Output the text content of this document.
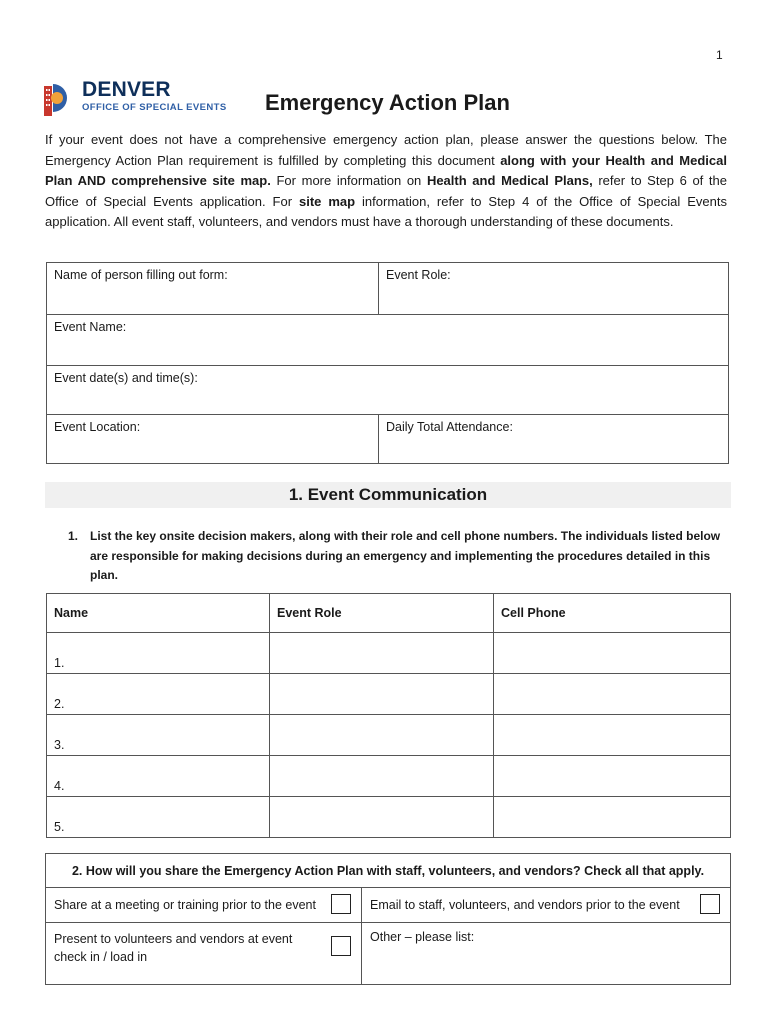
1
DENVER
OFFICE OF SPECIAL EVENTS Emergency Action Plan
If your event does not have a comprehensive emergency action plan, please answer the questions below. The Emergency Action Plan requirement is fulfilled by completing this document along with your Health and Medical Plan AND comprehensive site map. For more information on Health and Medical Plans, refer to Step 6 of the Office of Special Events application. For site map information, refer to Step 4 of the Office of Special Events application. All event staff, volunteers, and vendors must have a thorough understanding of these documents.
Name of person filling out form:	Event Role:
Event Name:	
Event date(s) and time(s):	
Event Location:	Daily Total Attendance:
1. Event Communication
1. List the key onsite decision makers, along with their role and cell phone numbers. The individuals listed below are responsible for making decisions during an emergency and implementing the procedures detailed in this plan.
Name	Event Role	Cell Phone
1.		
2.		
3.		
4.		
5.		
2. How will you share the Emergency Action Plan with staff, volunteers, and vendors? Check all that apply.	
Share at a meeting or training prior to the event	Email to staff, volunteers, and vendors prior to the event

Present to volunteers and vendors at event
check in / load in	Other – please list:
